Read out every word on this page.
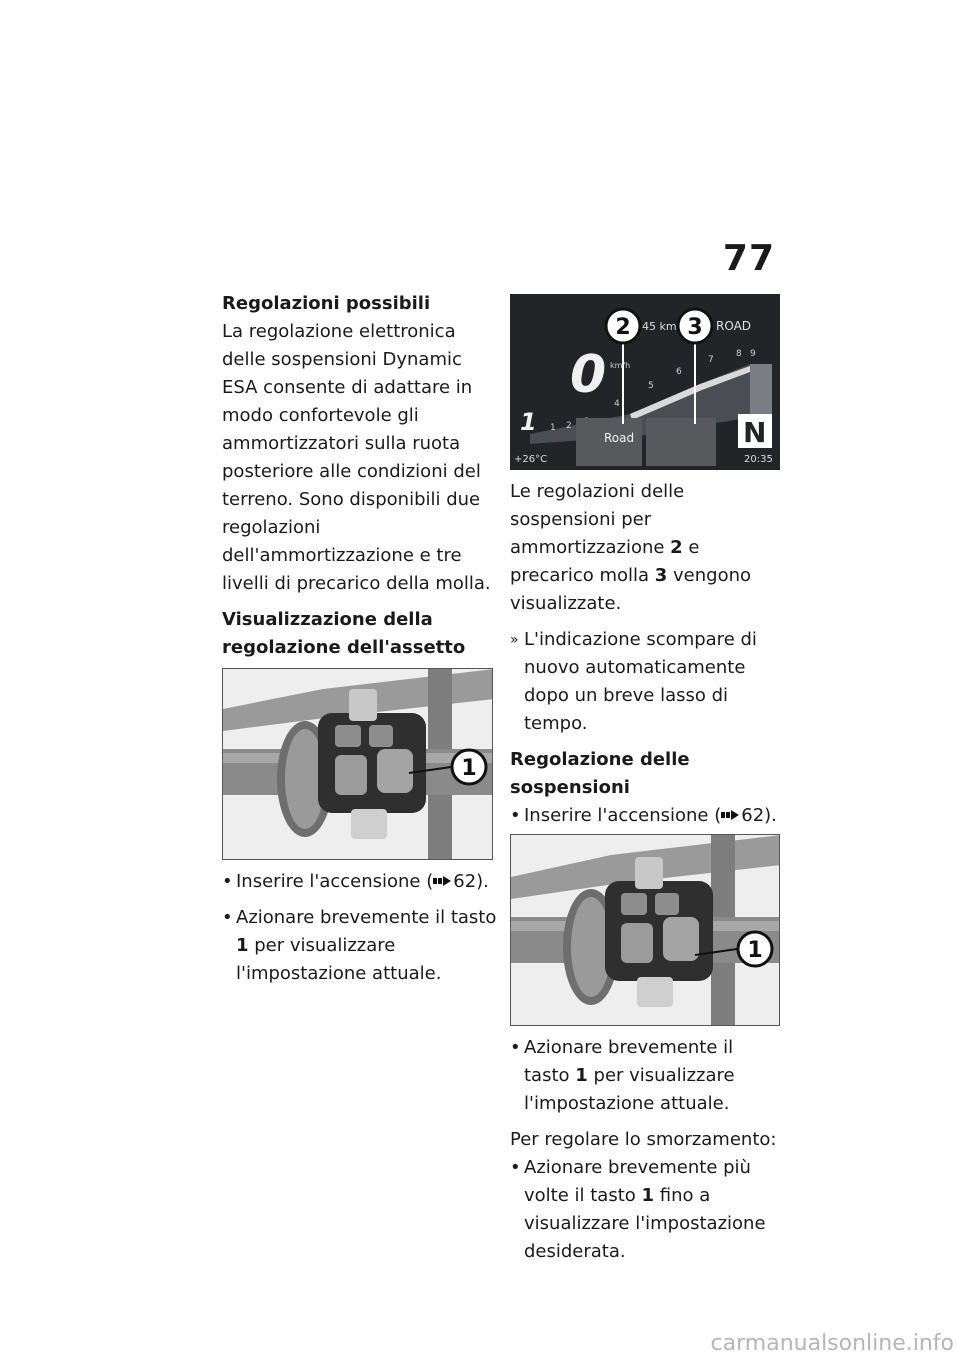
77
Regolazioni possibili

La regolazione elettronica delle sospensioni Dynamic ESA consente di adattare in modo confortevole gli ammortizzatori sulla ruota posteriore alle condizioni del terreno. Sono disponibili due regolazioni dell'ammortizzazione e tre livelli di precarico della molla.

Visualizzazione della
regolazione dell'assetto
1
• Inserire l'accensione ( 62).
• Azionare brevemente il tasto 1 per visualizzare l'impostazione attuale.
45 km	ROAD
0 km/h
1 1 2
4
5
6
7
8 9
Road	N
+26°C	20:35
2	3

Le regolazioni delle sospensioni per ammortizzazione 2 e precarico molla 3 vengono visualizzate.

» L'indicazione scompare di nuovo automaticamente dopo un breve lasso di tempo.
Regolazione delle sospensioni
• Inserire l'accensione ( 62).
1
• Azionare brevemente il tasto 1 per visualizzare l'impostazione attuale.

Per regolare lo smorzamento:

• Azionare brevemente più volte il tasto 1 fino a visualizzare l'impostazione desiderata.
carmanualsonline.info
